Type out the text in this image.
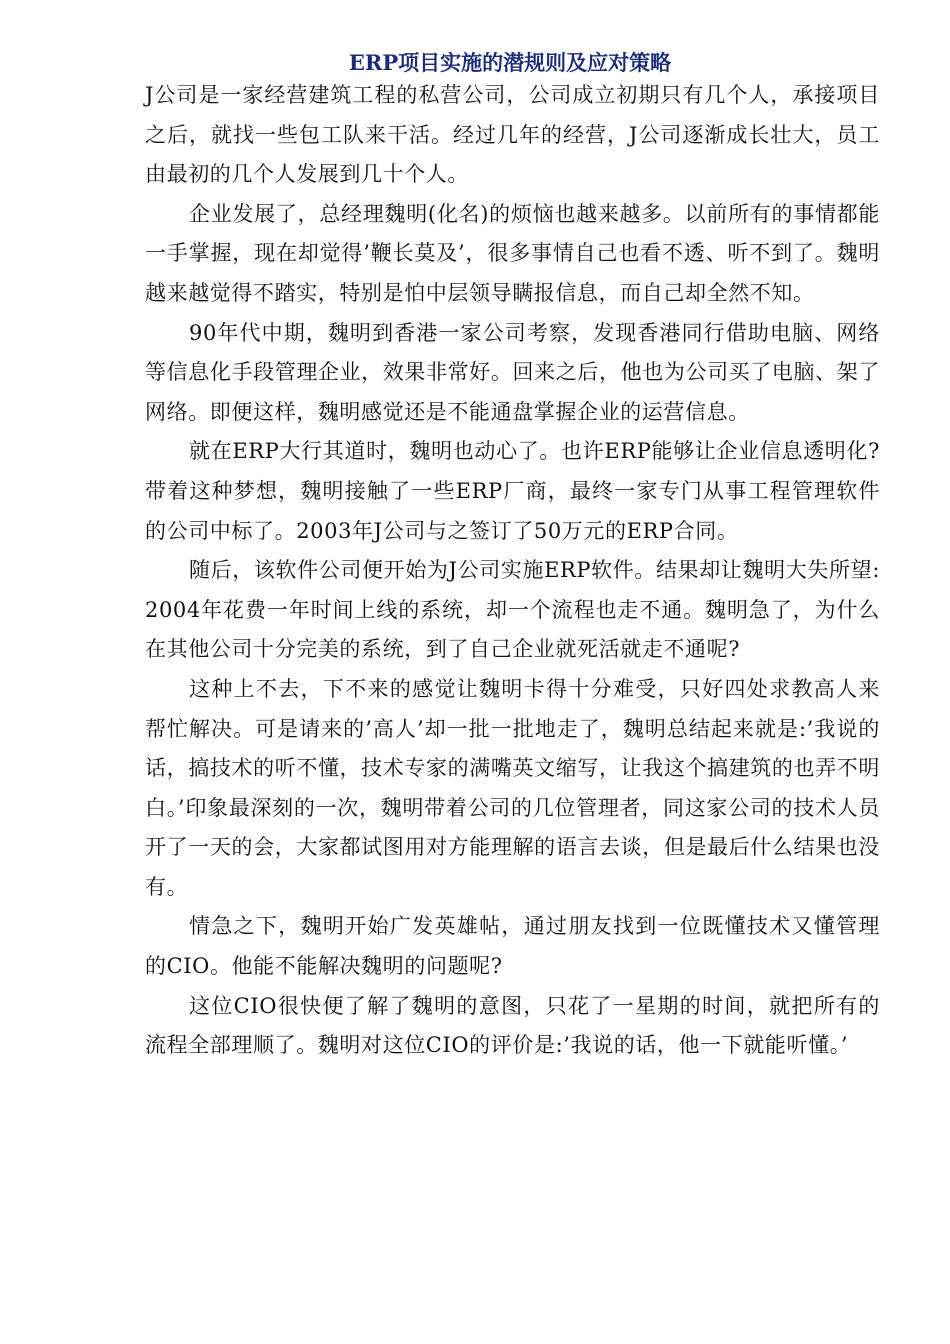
ERP项目实施的潜规则及应对策略

J公司是一家经营建筑工程的私营公司，公司成立初期只有几个人，承接项目之后，就找一些包工队来干活。经过几年的经营，J公司逐渐成长壮大，员工由最初的几个人发展到几十个人。

企业发展了，总经理魏明(化名)的烦恼也越来越多。以前所有的事情都能一手掌握，现在却觉得’鞭长莫及’，很多事情自己也看不透、听不到了。魏明越来越觉得不踏实，特别是怕中层领导瞒报信息，而自己却全然不知。

90年代中期，魏明到香港一家公司考察，发现香港同行借助电脑、网络等信息化手段管理企业，效果非常好。回来之后，他也为公司买了电脑、架了网络。即便这样，魏明感觉还是不能通盘掌握企业的运营信息。

就在ERP大行其道时，魏明也动心了。也许ERP能够让企业信息透明化?带着这种梦想，魏明接触了一些ERP厂商，最终一家专门从事工程管理软件的公司中标了。2003年J公司与之签订了50万元的ERP合同。

随后，该软件公司便开始为J公司实施ERP软件。结果却让魏明大失所望:2004年花费一年时间上线的系统，却一个流程也走不通。魏明急了，为什么在其他公司十分完美的系统，到了自己企业就死活就走不通呢?

这种上不去，下不来的感觉让魏明卡得十分难受，只好四处求教高人来帮忙解决。可是请来的’高人’却一批一批地走了，魏明总结起来就是:’我说的话，搞技术的听不懂，技术专家的满嘴英文缩写，让我这个搞建筑的也弄不明白。’印象最深刻的一次，魏明带着公司的几位管理者，同这家公司的技术人员开了一天的会，大家都试图用对方能理解的语言去谈，但是最后什么结果也没有。

情急之下，魏明开始广发英雄帖，通过朋友找到一位既懂技术又懂管理的CIO。他能不能解决魏明的问题呢?

这位CIO很快便了解了魏明的意图，只花了一星期的时间，就把所有的流程全部理顺了。魏明对这位CIO的评价是:’我说的话，他一下就能听懂。’
